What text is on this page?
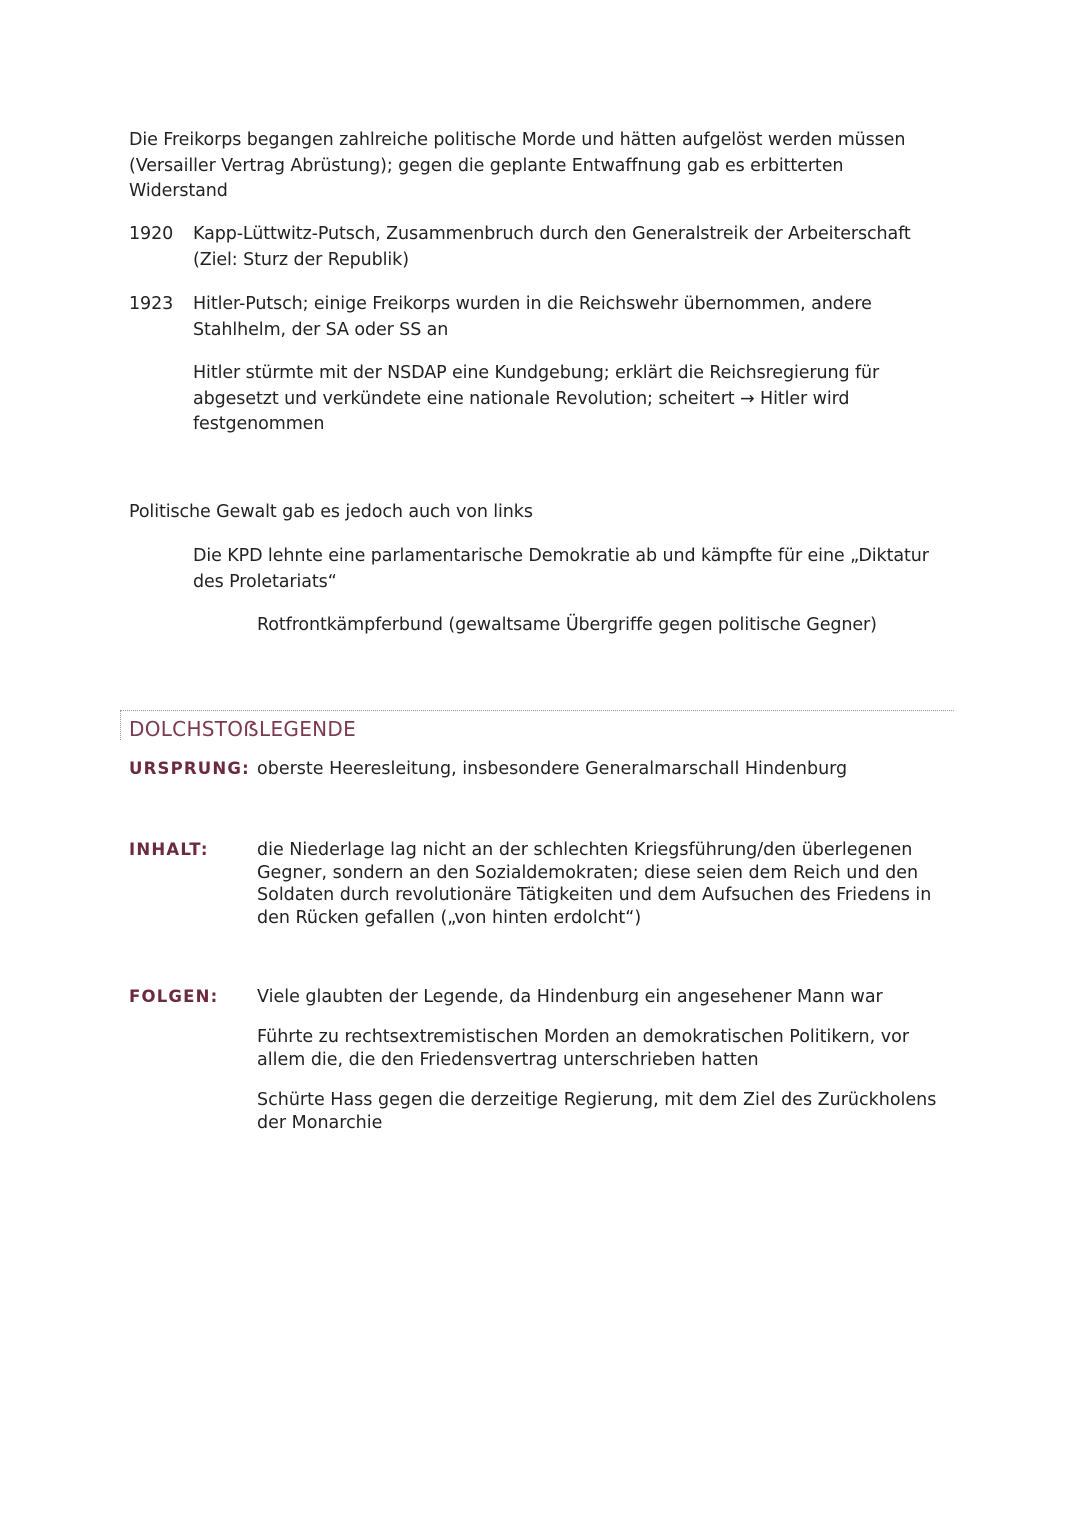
Die Freikorps begangen zahlreiche politische Morde und hätten aufgelöst werden müssen (Versailler Vertrag Abrüstung); gegen die geplante Entwaffnung gab es erbitterten Widerstand

1920	Kapp-Lüttwitz-Putsch, Zusammenbruch durch den Generalstreik der Arbeiterschaft (Ziel: Sturz der Republik)

1923	Hitler-Putsch; einige Freikorps wurden in die Reichswehr übernommen, andere Stahlhelm, der SA oder SS an

Hitler stürmte mit der NSDAP eine Kundgebung; erklärt die Reichsregierung für abgesetzt und verkündete eine nationale Revolution; scheitert → Hitler wird festgenommen

Politische Gewalt gab es jedoch auch von links

Die KPD lehnte eine parlamentarische Demokratie ab und kämpfte für eine „Diktatur des Proletariats“

Rotfrontkämpferbund (gewaltsame Übergriffe gegen politische Gegner)

DOLCHSTOẞLEGENDE
URSPRUNG: oberste Heeresleitung, insbesondere Generalmarschall Hindenburg

INHALT:	die Niederlage lag nicht an der schlechten Kriegsführung/den überlegenen Gegner, sondern an den Sozialdemokraten; diese seien dem Reich und den Soldaten durch revolutionäre Tätigkeiten und dem Aufsuchen des Friedens in den Rücken gefallen („von hinten erdolcht“)

FOLGEN: Viele glaubten der Legende, da Hindenburg ein angesehener Mann war

Führte zu rechtsextremistischen Morden an demokratischen Politikern, vor allem die, die den Friedensvertrag unterschrieben hatten

Schürte Hass gegen die derzeitige Regierung, mit dem Ziel des Zurückholens der Monarchie
